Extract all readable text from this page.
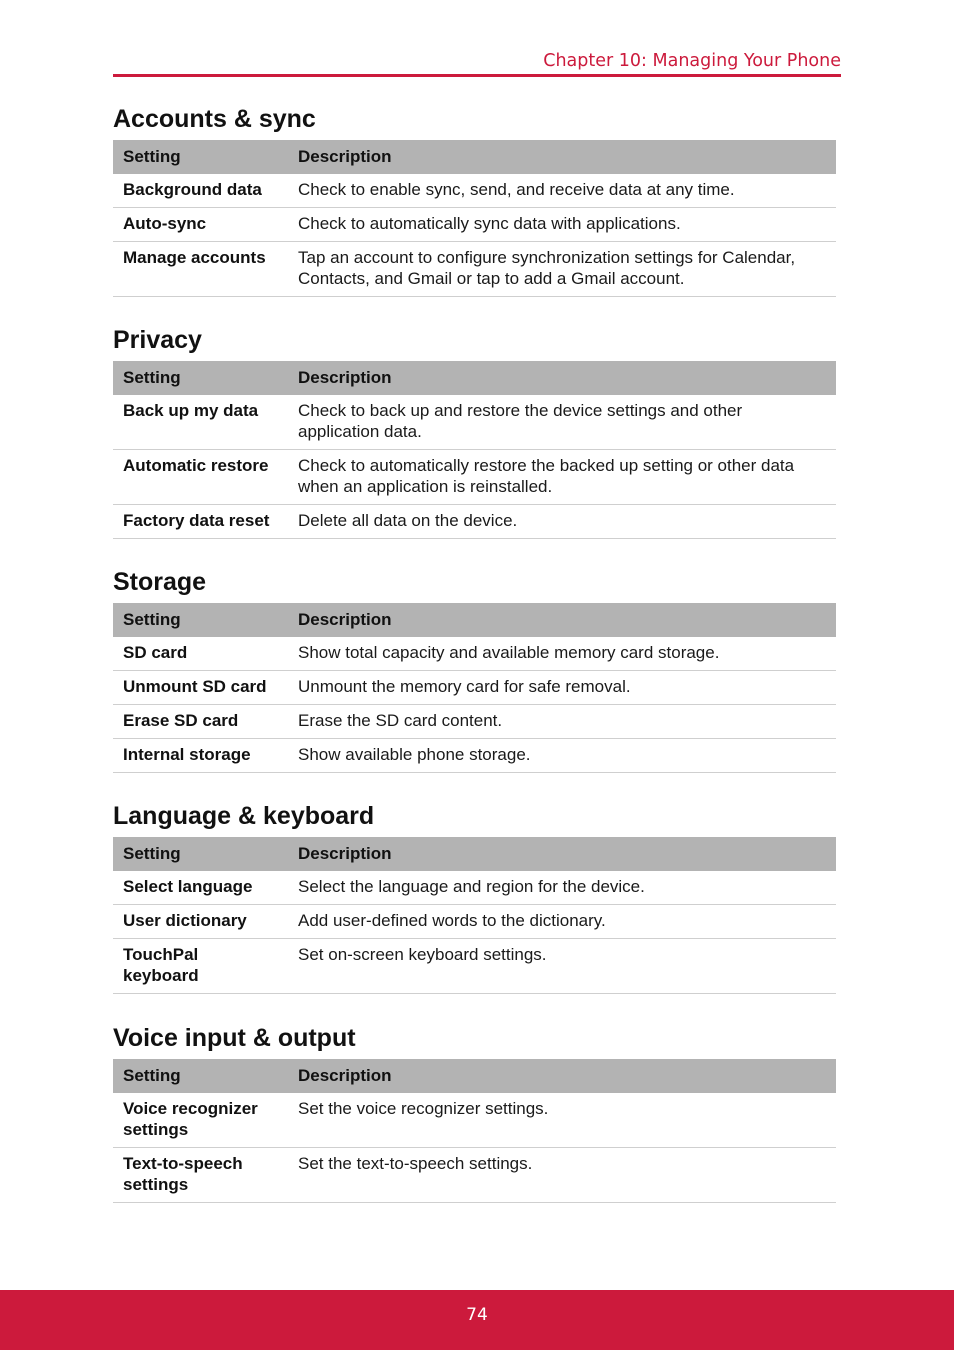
Chapter 10: Managing Your Phone
Accounts & sync
Setting	Description
Background data	Check to enable sync, send, and receive data at any time.
Auto-sync	Check to automatically sync data with applications.
Manage accounts	Tap an account to configure synchronization settings for Calendar, Contacts, and Gmail or tap to add a Gmail account.
Privacy
Setting	Description
Back up my data	Check to back up and restore the device settings and other application data.
Automatic restore	Check to automatically restore the backed up setting or other data when an application is reinstalled.
Factory data reset	Delete all data on the device.
Storage
Setting	Description
SD card	Show total capacity and available memory card storage.
Unmount SD card	Unmount the memory card for safe removal.
Erase SD card	Erase the SD card content.
Internal storage	Show available phone storage.
Language & keyboard
Setting	Description
Select language	Select the language and region for the device.
User dictionary	Add user-defined words to the dictionary.
TouchPal keyboard	Set on-screen keyboard settings.
Voice input & output
Setting	Description
Voice recognizer settings	Set the voice recognizer settings.
Text-to-speech settings	Set the text-to-speech settings.
74
